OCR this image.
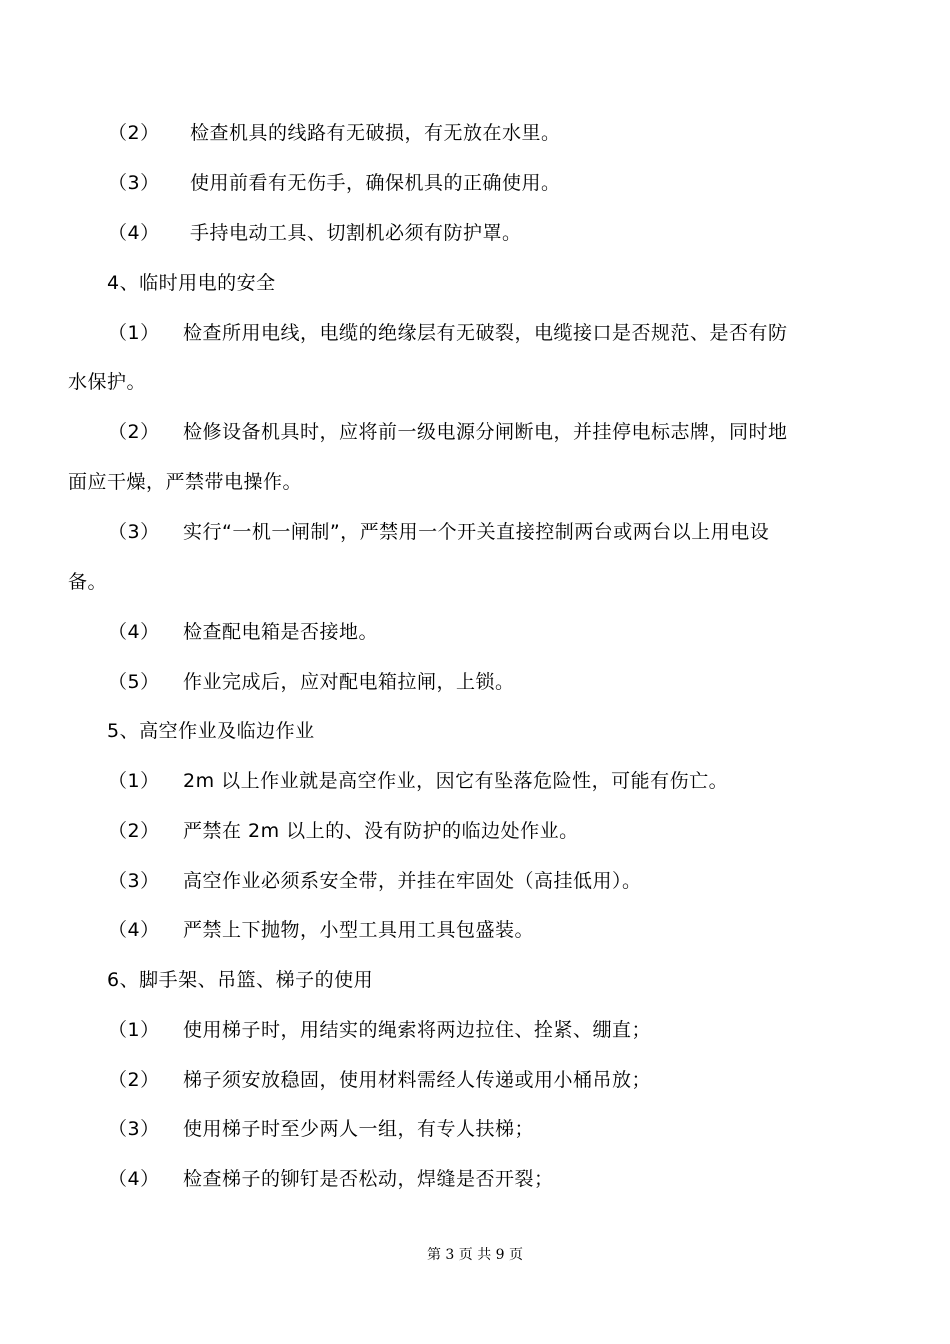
（2） 检查机具的线路有无破损，有无放在水里。
（3） 使用前看有无伤手，确保机具的正确使用。
（4） 手持电动工具、切割机必须有防护罩。
4、临时用电的安全
（1） 检查所用电线，电缆的绝缘层有无破裂，电缆接口是否规范、是否有防
水保护。
（2） 检修设备机具时，应将前一级电源分闸断电，并挂停电标志牌，同时地
面应干燥，严禁带电操作。
（3） 实行“一机一闸制”，严禁用一个开关直接控制两台或两台以上用电设
备。
（4） 检查配电箱是否接地。
（5） 作业完成后，应对配电箱拉闸，上锁。
5、高空作业及临边作业
（1） 2m 以上作业就是高空作业，因它有坠落危险性，可能有伤亡。
（2） 严禁在 2m 以上的、没有防护的临边处作业。
（3） 高空作业必须系安全带，并挂在牢固处（高挂低用）。
（4） 严禁上下抛物，小型工具用工具包盛装。
6、脚手架、吊篮、梯子的使用
（1） 使用梯子时，用结实的绳索将两边拉住、拴紧、绷直；
（2） 梯子须安放稳固，使用材料需经人传递或用小桶吊放；
（3） 使用梯子时至少两人一组，有专人扶梯；
（4） 检查梯子的铆钉是否松动，焊缝是否开裂；
第 3 页 共 9 页
